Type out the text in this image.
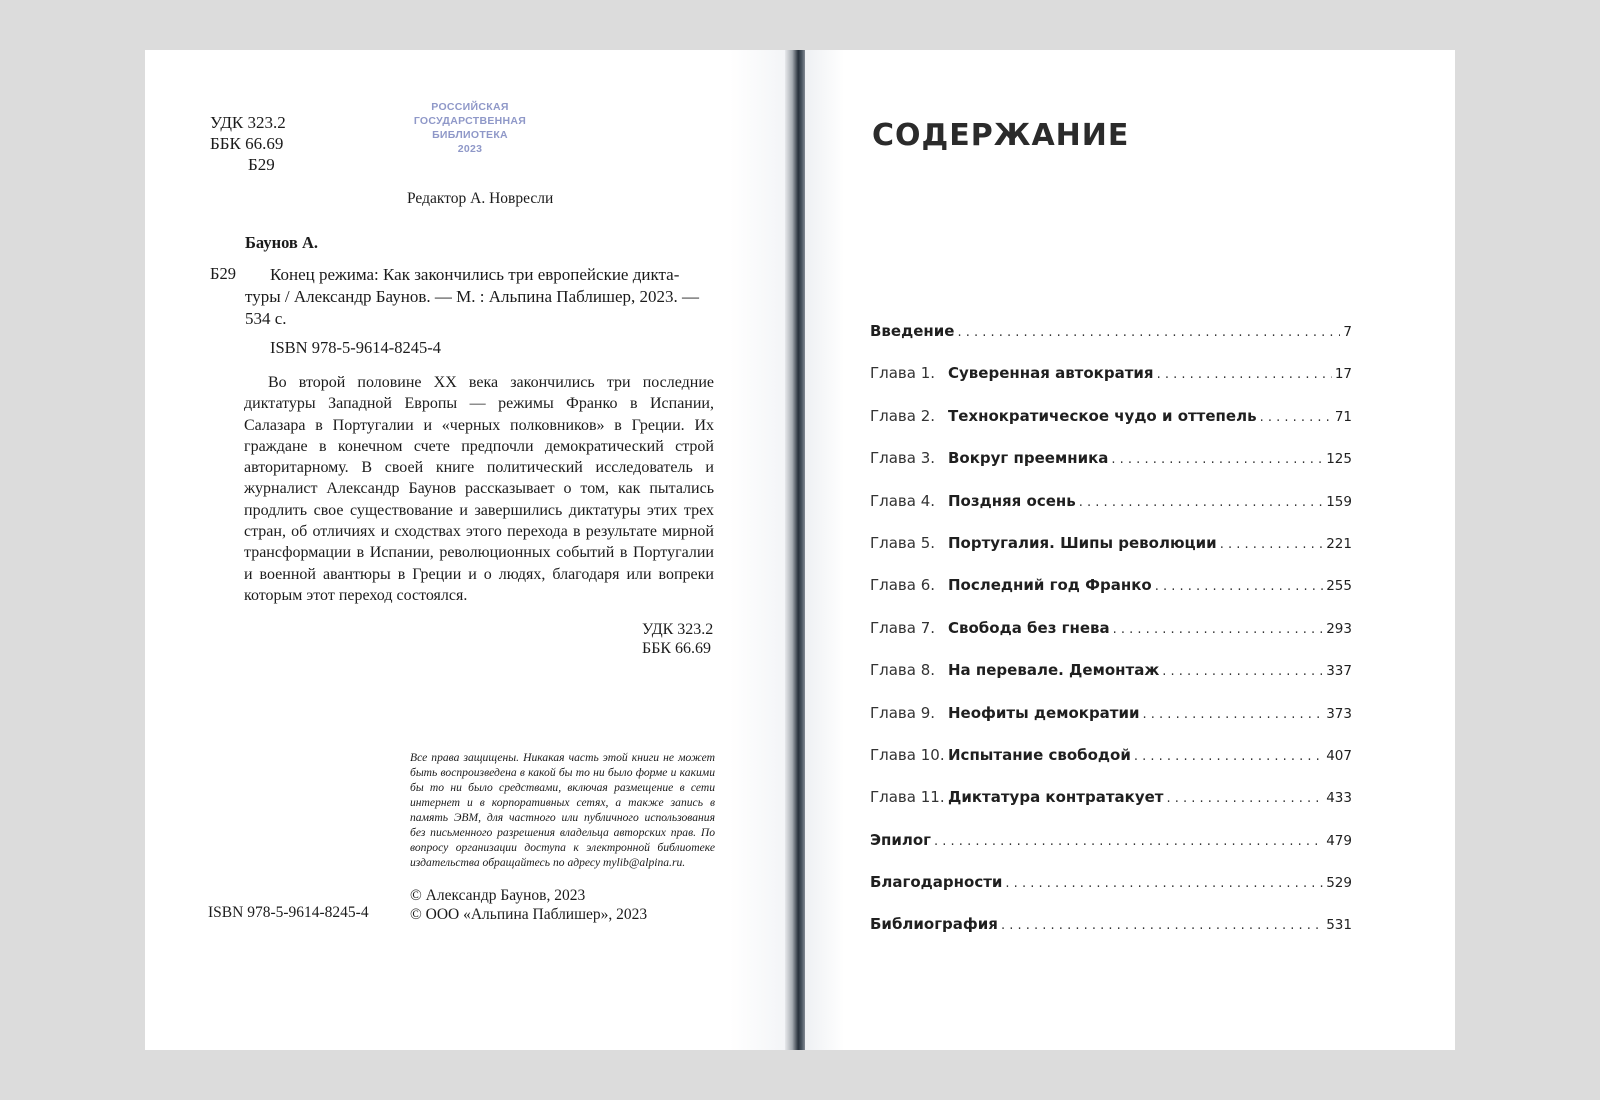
УДК 323.2
ББК 66.69
Б29
РОССИЙСКАЯ
ГОСУДАРСТВЕННАЯ
БИБЛИОТЕКА
2023
Редактор А. Новресли
Баунов А.
Б29 Конец режима: Как закончились три европейские дикта-
туры / Александр Баунов. — М. : Альпина Паблишер, 2023. —
534 с.
ISBN 978-5-9614-8245-4
Во второй половине XX века закончились три последние диктатуры Западной Европы — режимы Франко в Испании, Салазара в Португалии и «черных полковников» в Греции. Их граждане в конечном счете предпочли демократический строй авторитарному. В своей книге политический исследователь и журналист Александр Баунов рассказывает о том, как пытались продлить свое существование и завершились диктатуры этих трех стран, об отличиях и сходствах этого перехода в результате мирной трансформации в Испании, революционных событий в Португалии и военной авантюры в Греции и о людях, благодаря или вопреки которым этот переход состоялся.
УДК 323.2
ББК 66.69
Все права защищены. Никакая часть этой книги не может быть воспроизведена в какой бы то ни было форме и какими бы то ни было средствами, включая размещение в сети интернет и в корпоративных сетях, а также запись в память ЭВМ, для частного или публичного использования без письменного разрешения владельца авторских прав. По вопросу организации доступа к электронной библиотеке издательства обращайтесь по адресу mylib@alpina.ru.
© Александр Баунов, 2023
© ООО «Альпина Паблишер», 2023
ISBN 978-5-9614-8245-4
СОДЕРЖАНИЕ
Введение . . .	7
Глава 1. Суверенная автократия . . .	17
Глава 2. Технократическое чудо и оттепель . . .	71
Глава 3. Вокруг преемника . . .	125
Глава 4. Поздняя осень . . .	159
Глава 5. Португалия. Шипы революции . . .	221
Глава 6. Последний год Франко . . .	255
Глава 7. Свобода без гнева . . .	293
Глава 8. На перевале. Демонтаж . . .	337
Глава 9. Неофиты демократии . . .	373
Глава 10. Испытание свободой . . .	407
Глава 11. Диктатура контратакует . . .	433
Эпилог . . .	479
Благодарности . . .	529
Библиография . . .	531
